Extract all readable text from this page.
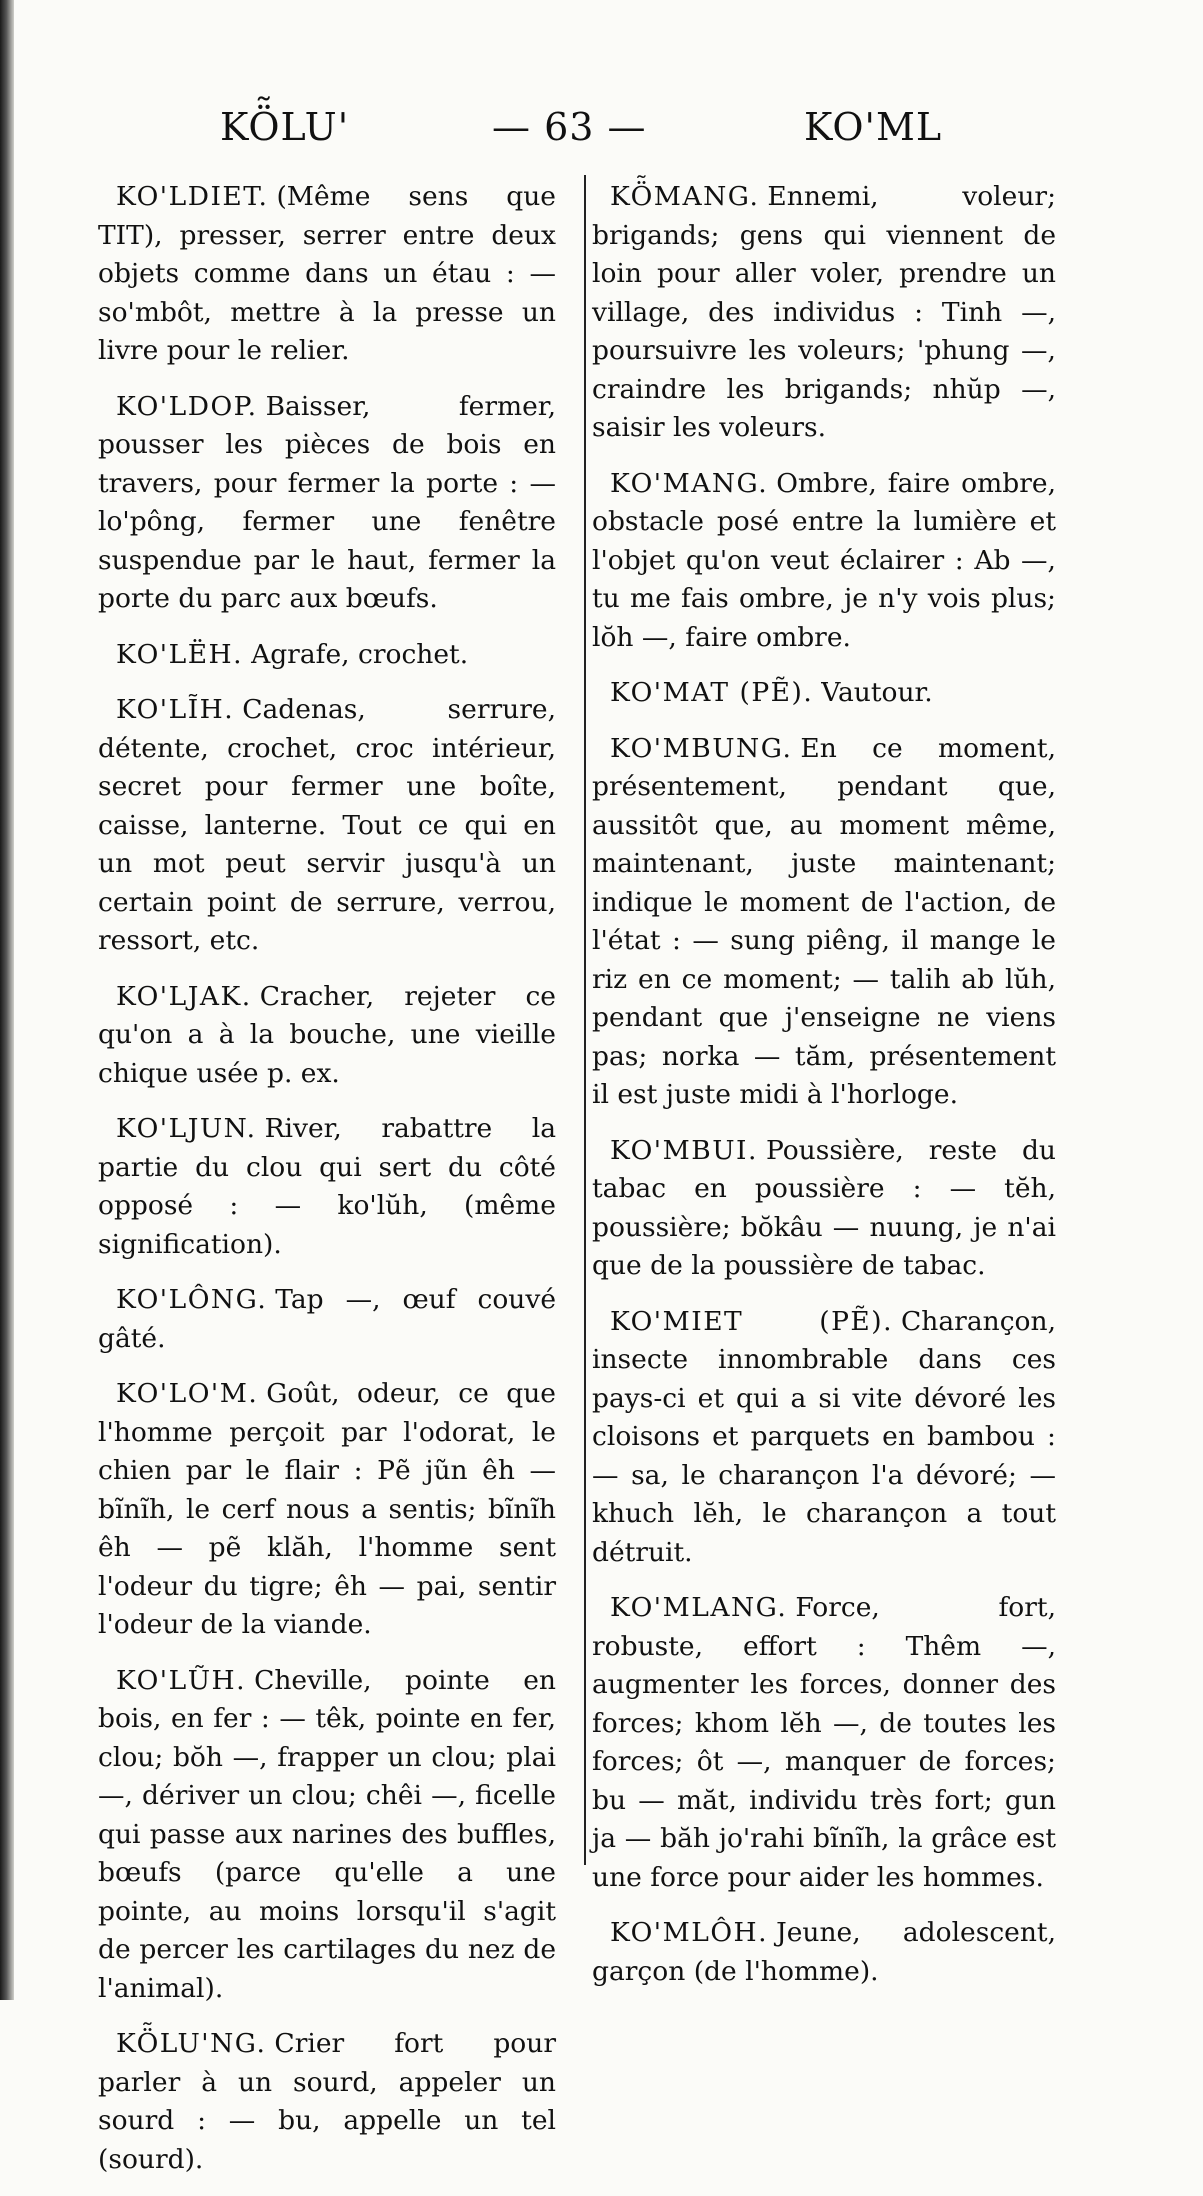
KÖ̃LU'	— 63 —	KO'ML

KO'LDIET. (Même sens que TIT), presser, serrer entre deux objets comme dans un étau : — so'mbôt, mettre à la presse un livre pour le relier.

KO'LDOP. Baisser, fermer, pousser les pièces de bois en travers, pour fermer la porte : — lo'pông, fermer une fenêtre suspendue par le haut, fermer la porte du parc aux bœufs.

KO'LËH. Agrafe, crochet.

KO'LĨH. Cadenas, serrure, détente, crochet, croc intérieur, secret pour fermer une boîte, caisse, lanterne. Tout ce qui en un mot peut servir jusqu'à un certain point de serrure, verrou, ressort, etc.

KO'LJAK. Cracher, rejeter ce qu'on a à la bouche, une vieille chique usée p. ex.

KO'LJUN. River, rabattre la partie du clou qui sert du côté opposé : — ko'lŭh, (même signification).

KO'LÔNG. Tap —, œuf couvé gâté.

KO'LO'M. Goût, odeur, ce que l'homme perçoit par l'odorat, le chien par le flair : Pẽ jũn êh — bĩnĩh, le cerf nous a sentis; bĩnĩh êh — pẽ klăh, l'homme sent l'odeur du tigre; êh — pai, sentir l'odeur de la viande.

KO'LŨH. Cheville, pointe en bois, en fer : — têk, pointe en fer, clou; bŏh —, frapper un clou; plai —, dériver un clou; chêi —, ficelle qui passe aux narines des buffles, bœufs (parce qu'elle a une pointe, au moins lorsqu'il s'agit de percer les cartilages du nez de l'animal).

KÖ̃LU'NG. Crier fort pour parler à un sourd, appeler un sourd : — bu, appelle un tel (sourd).

KÖ̃MANG. Ennemi, voleur; brigands; gens qui viennent de loin pour aller voler, prendre un village, des individus : Tinh —, poursuivre les voleurs; 'phung —, craindre les brigands; nhŭp —, saisir les voleurs.

KO'MANG. Ombre, faire ombre, obstacle posé entre la lumière et l'objet qu'on veut éclairer : Ab —, tu me fais ombre, je n'y vois plus; lŏh —, faire ombre.

KO'MAT (PẼ). Vautour.

KO'MBUNG. En ce moment, présentement, pendant que, aussitôt que, au moment même, maintenant, juste maintenant; indique le moment de l'action, de l'état : — sung piêng, il mange le riz en ce moment; — tali̇h ab lŭh, pendant que j'enseigne ne viens pas; norka — tăm, présentement il est juste midi à l'horloge.

KO'MBUI. Poussière, reste du tabac en poussière : — tĕh, poussière; bŏkâu — nuung, je n'ai que de la poussière de tabac.

KO'MIET (PẼ). Charançon, insecte innombrable dans ces pays-ci et qui a si vite dévoré les cloisons et parquets en bambou : — sa, le charançon l'a dévoré; — khuch lĕh, le charançon a tout détruit.

KO'MLANG. Force, fort, robuste, effort : Thêm —, augmenter les forces, donner des forces; khom lĕh —, de toutes les forces; ôt —, manquer de forces; bu — măt, individu très fort; gun ja — băh jo'rahi bĩnĩh, la grâce est une force pour aider les hommes.

KO'MLÔH. Jeune, adolescent, garçon (de l'homme).
